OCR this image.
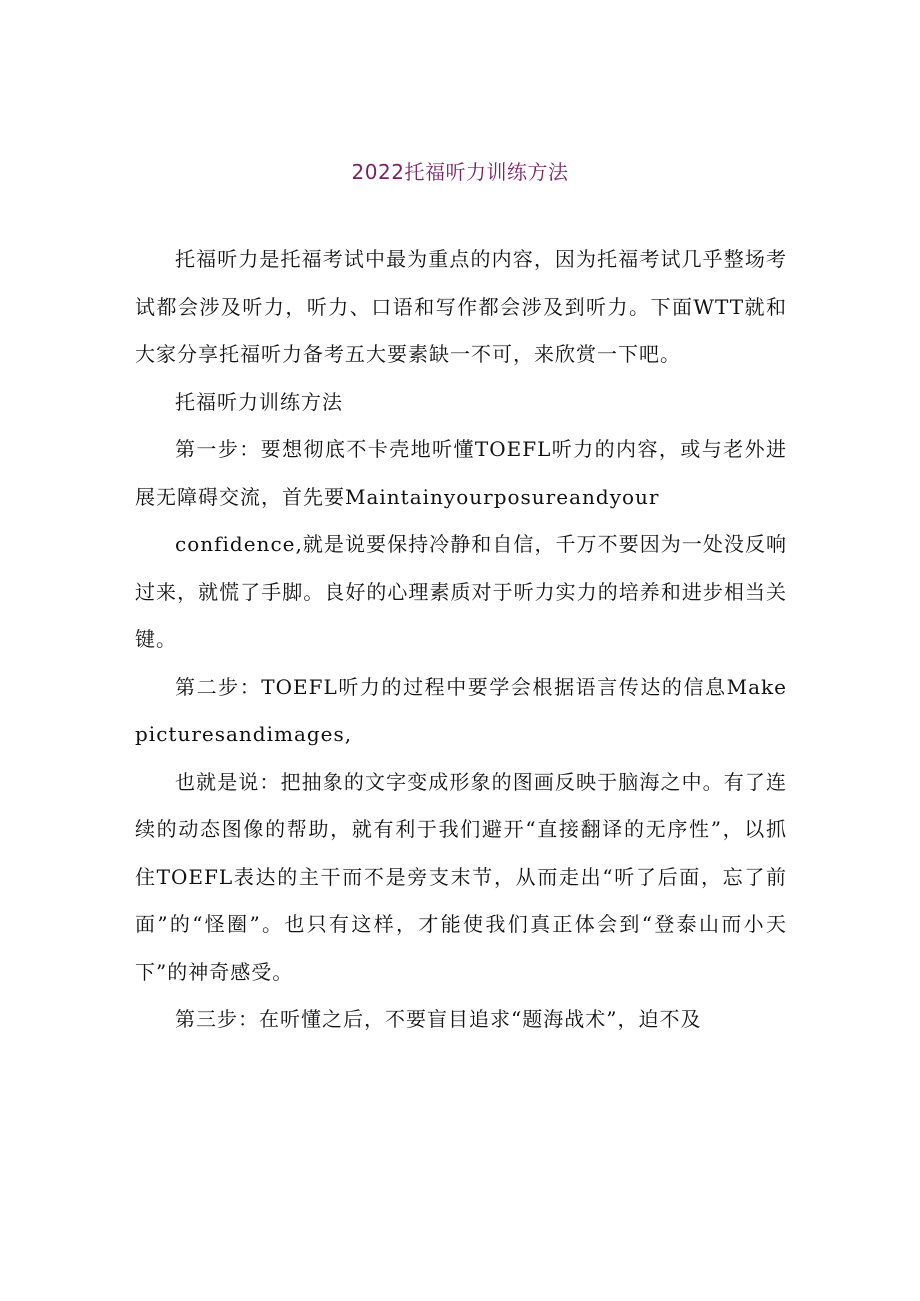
2022托福听力训练方法

托福听力是托福考试中最为重点的内容，因为托福考试几乎整场考试都会涉及听力，听力、口语和写作都会涉及到听力。下面WTT就和大家分享托福听力备考五大要素缺一不可，来欣赏一下吧。

托福听力训练方法

第一步：要想彻底不卡壳地听懂TOEFL听力的内容，或与老外进展无障碍交流，首先要Maintainyourposureandyour

confidence,就是说要保持冷静和自信，千万不要因为一处没反响过来，就慌了手脚。良好的心理素质对于听力实力的培养和进步相当关键。

第二步：TOEFL听力的过程中要学会根据语言传达的信息Makepicturesandimages,

也就是说：把抽象的文字变成形象的图画反映于脑海之中。有了连续的动态图像的帮助，就有利于我们避开“直接翻译的无序性”，以抓住TOEFL表达的主干而不是旁支末节，从而走出“听了后面，忘了前面”的“怪圈”。也只有这样，才能使我们真正体会到“登泰山而小天下”的神奇感受。

第三步：在听懂之后，不要盲目追求“题海战术”，迫不及
